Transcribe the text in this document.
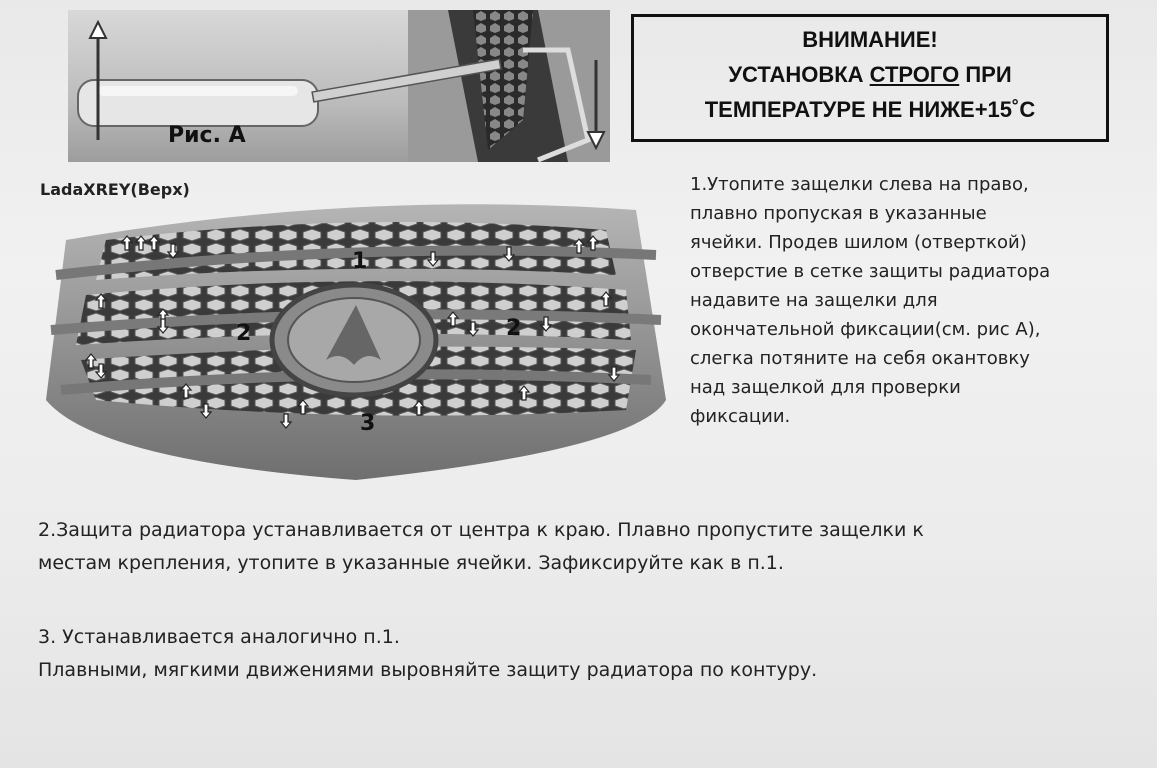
Рис. А
ВНИМАНИЕ!
УСТАНОВКА СТРОГО ПРИ
ТЕМПЕРАТУРЕ НЕ НИЖЕ+15˚С
LadaXREY(Верх)
1
2	2
3
1.Утопите защелки слева на право,
плавно пропуская в указанные
ячейки. Продев шилом (отверткой)
отверстие в сетке защиты радиатора
надавите на защелки для
окончательной фиксации(см. рис А),
слегка потяните на себя окантовку
над защелкой для проверки
фиксации.
2.Защита радиатора устанавливается от центра к краю. Плавно пропустите защелки к
местам крепления, утопите в указанные ячейки. Зафиксируйте как в п.1.
3. Устанавливается аналогично п.1.
Плавными, мягкими движениями выровняйте защиту радиатора по контуру.
